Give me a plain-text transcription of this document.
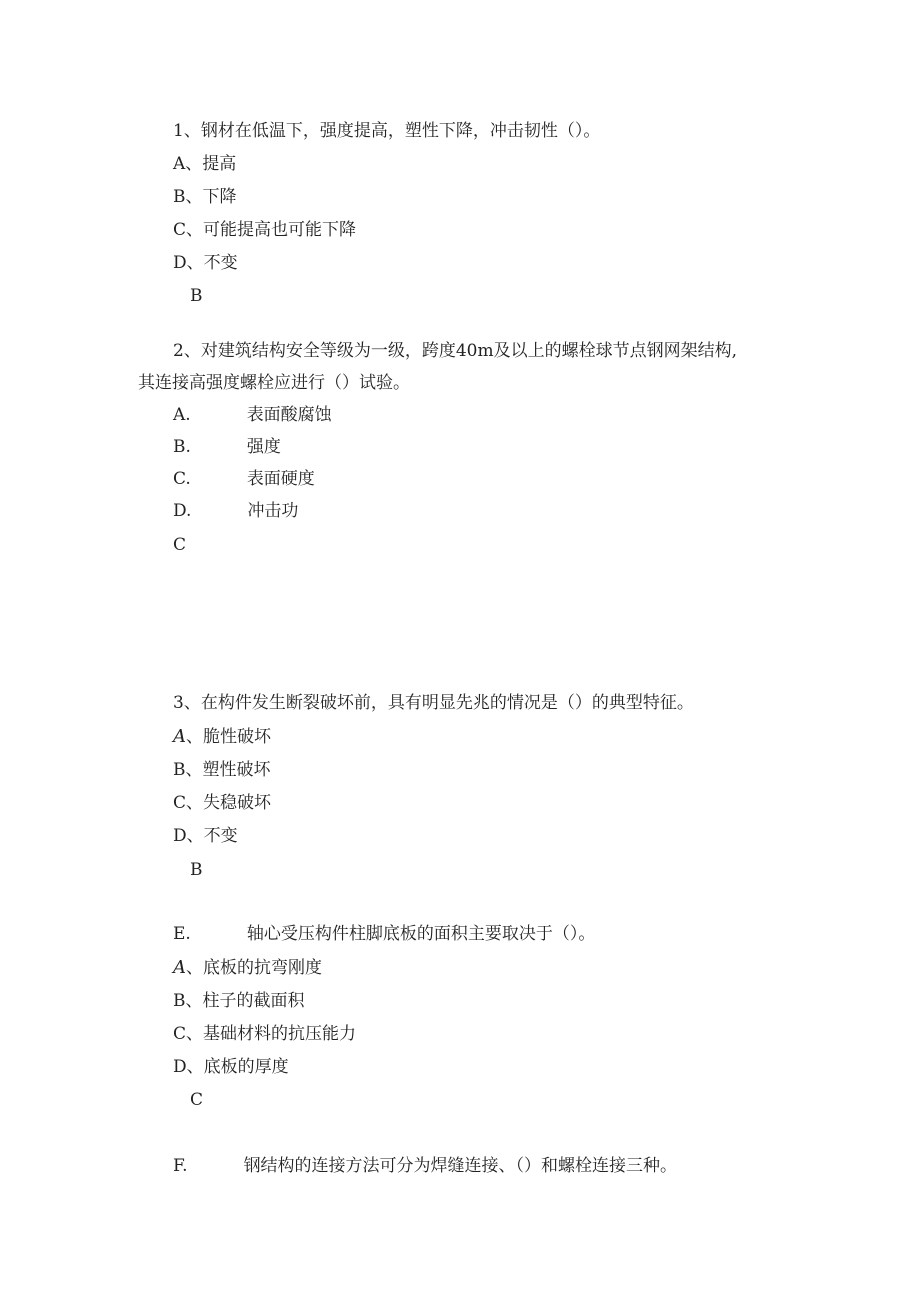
1、钢材在低温下，强度提高，塑性下降，冲击韧性（）。
A、提高
B、下降
C、可能提高也可能下降
D、不变
B
2、对建筑结构安全等级为一级，跨度40m及以上的螺栓球节点钢网架结构,
其连接高强度螺栓应进行（）试验。
A.	表面酸腐蚀
B.	强度
C.	表面硬度
D.	冲击功
C
3、在构件发生断裂破坏前，具有明显先兆的情况是（）的典型特征。
A、脆性破坏
B、塑性破坏
C、失稳破坏
D、不变
B
E.	轴心受压构件柱脚底板的面积主要取决于（）。
A、底板的抗弯刚度
B、柱子的截面积
C、基础材料的抗压能力
D、底板的厚度
C
F.	钢结构的连接方法可分为焊缝连接、（）和螺栓连接三种。
